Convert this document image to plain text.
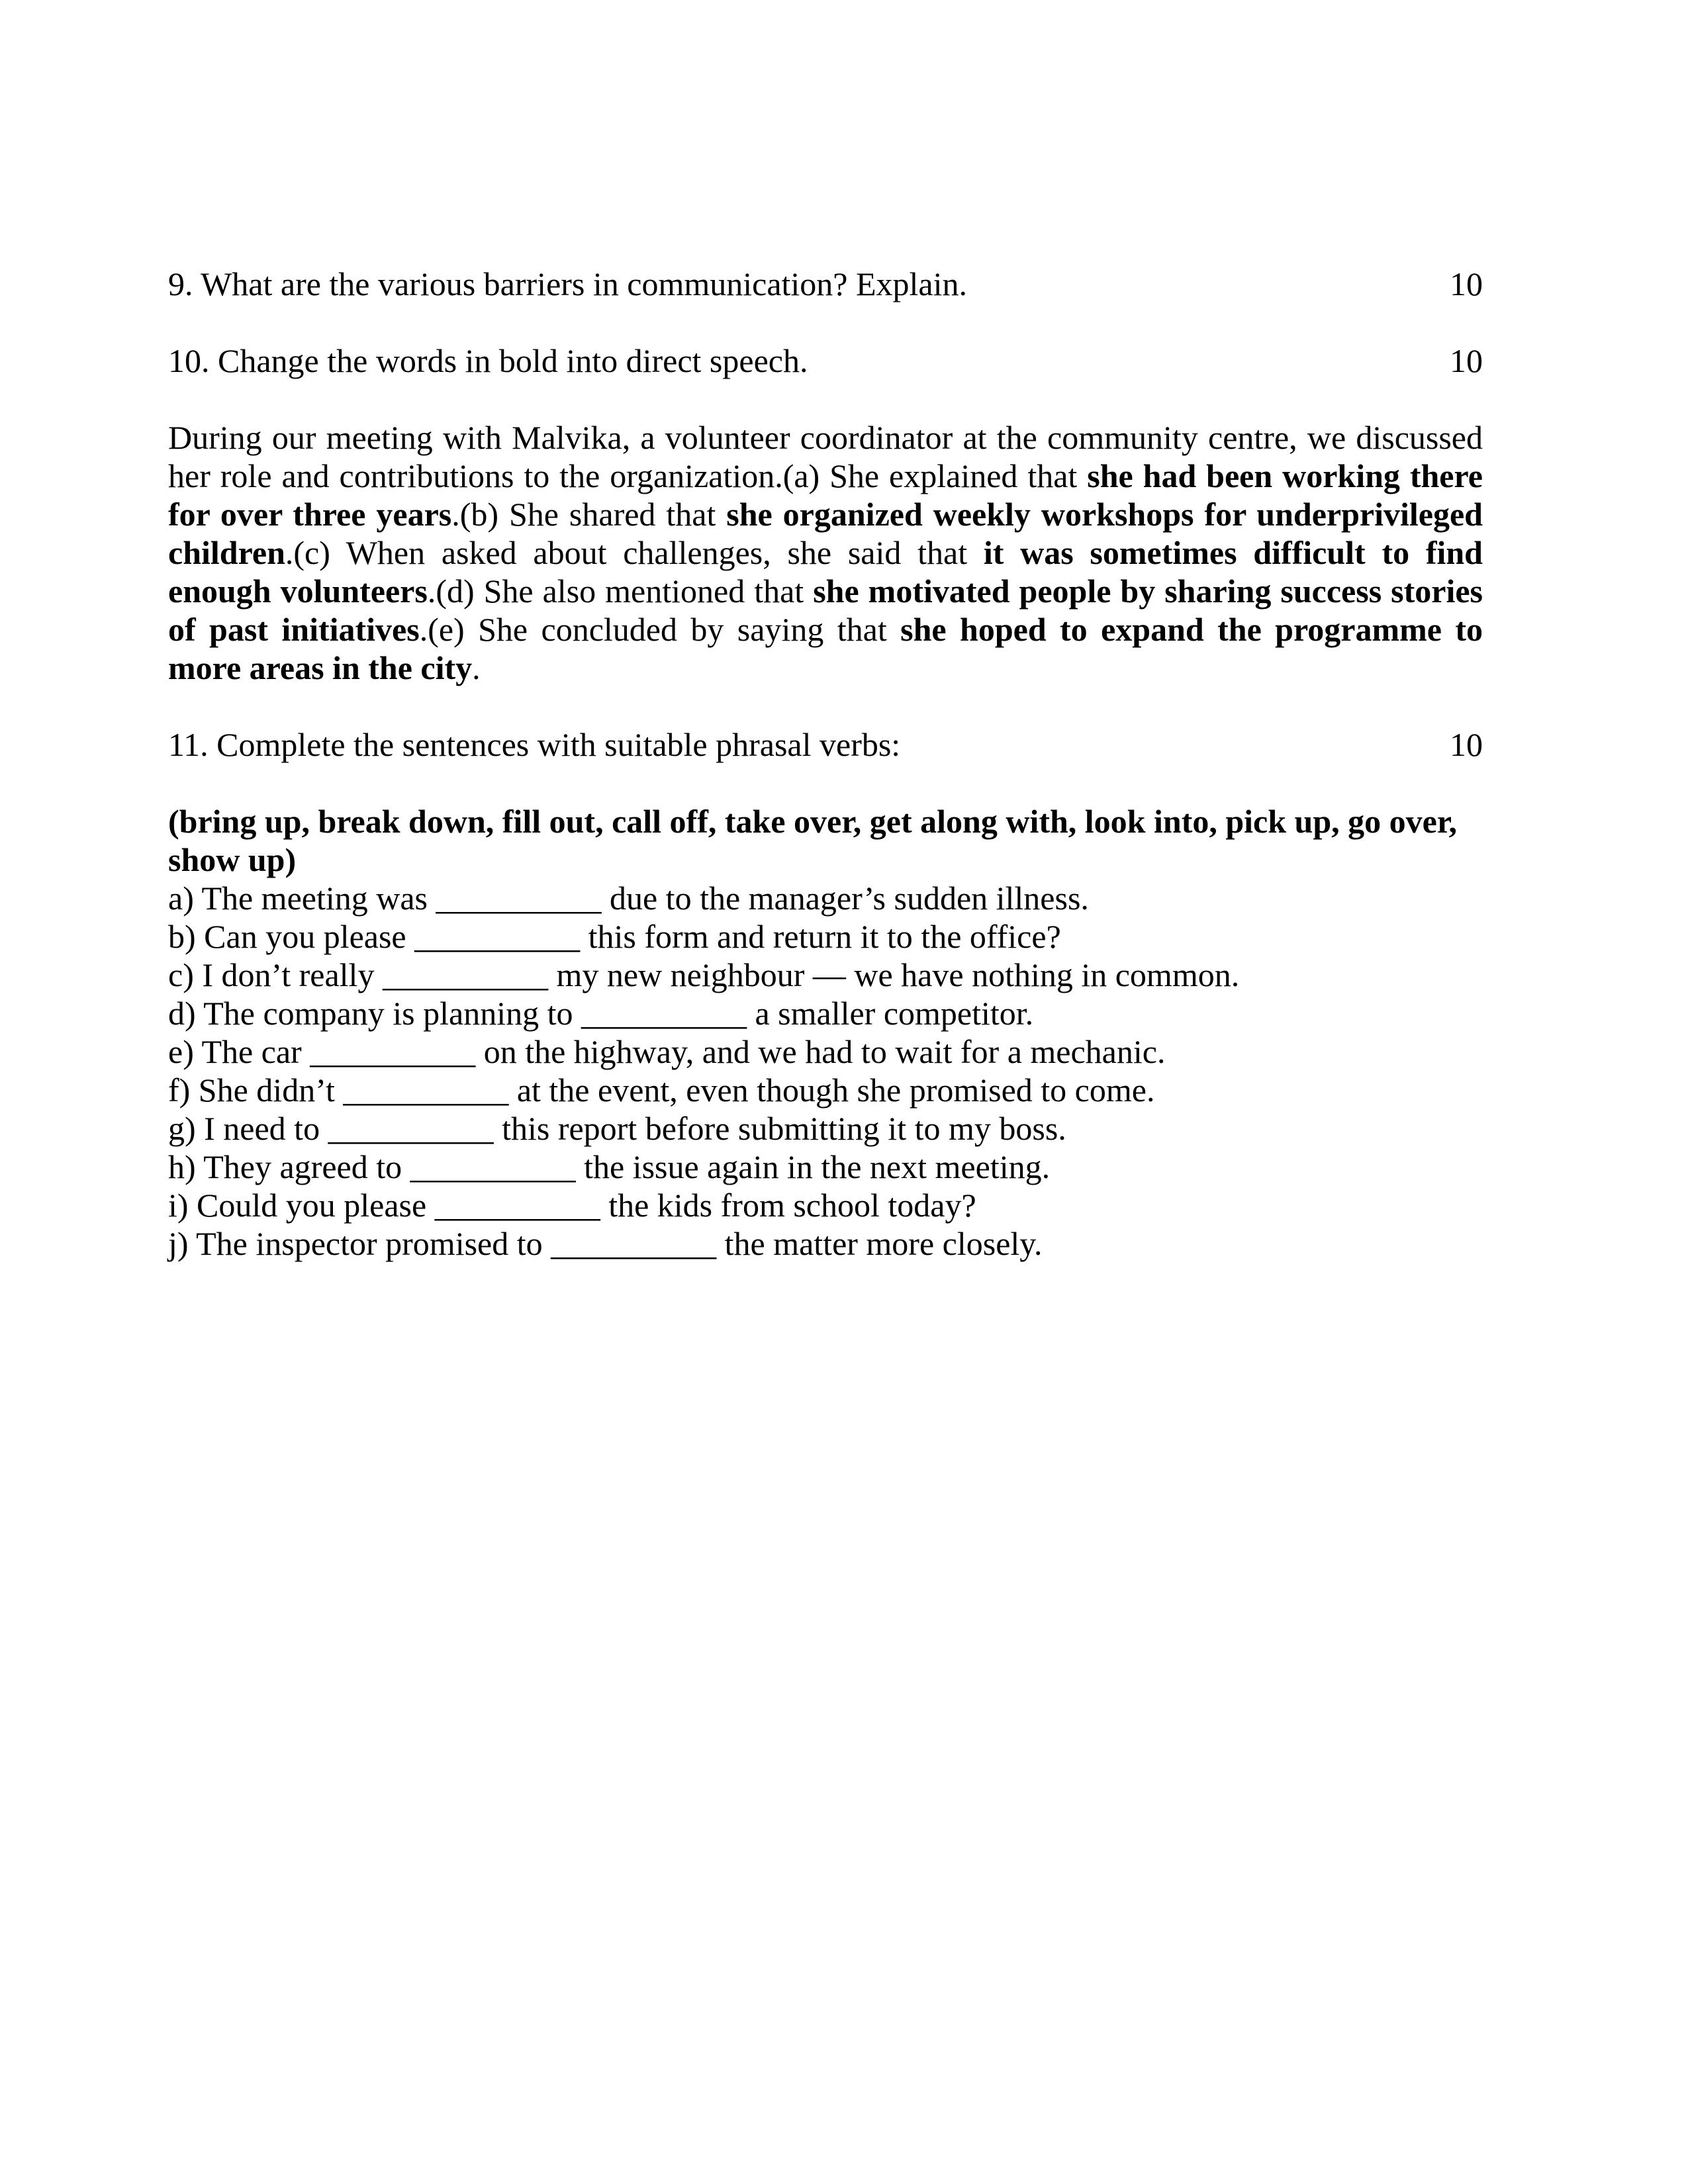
9. What are the various barriers in communication? Explain.	10
10. Change the words in bold into direct speech.	10

During our meeting with Malvika, a volunteer coordinator at the community centre, we discussed her role and contributions to the organization.(a) She explained that she had been working there for over three years.(b) She shared that she organized weekly workshops for underprivileged children.(c) When asked about challenges, she said that it was sometimes difficult to find enough volunteers.(d) She also mentioned that she motivated people by sharing success stories of past initiatives.(e) She concluded by saying that she hoped to expand the programme to more areas in the city.

11. Complete the sentences with suitable phrasal verbs:	10

(bring up, break down, fill out, call off, take over, get along with, look into, pick up, go over, show up)

a) The meeting was __________ due to the manager’s sudden illness.
b) Can you please __________ this form and return it to the office?
c) I don’t really __________ my new neighbour — we have nothing in common.
d) The company is planning to __________ a smaller competitor.
e) The car __________ on the highway, and we had to wait for a mechanic.
f) She didn’t __________ at the event, even though she promised to come.
g) I need to __________ this report before submitting it to my boss.
h) They agreed to __________ the issue again in the next meeting.
i) Could you please __________ the kids from school today?
j) The inspector promised to __________ the matter more closely.
